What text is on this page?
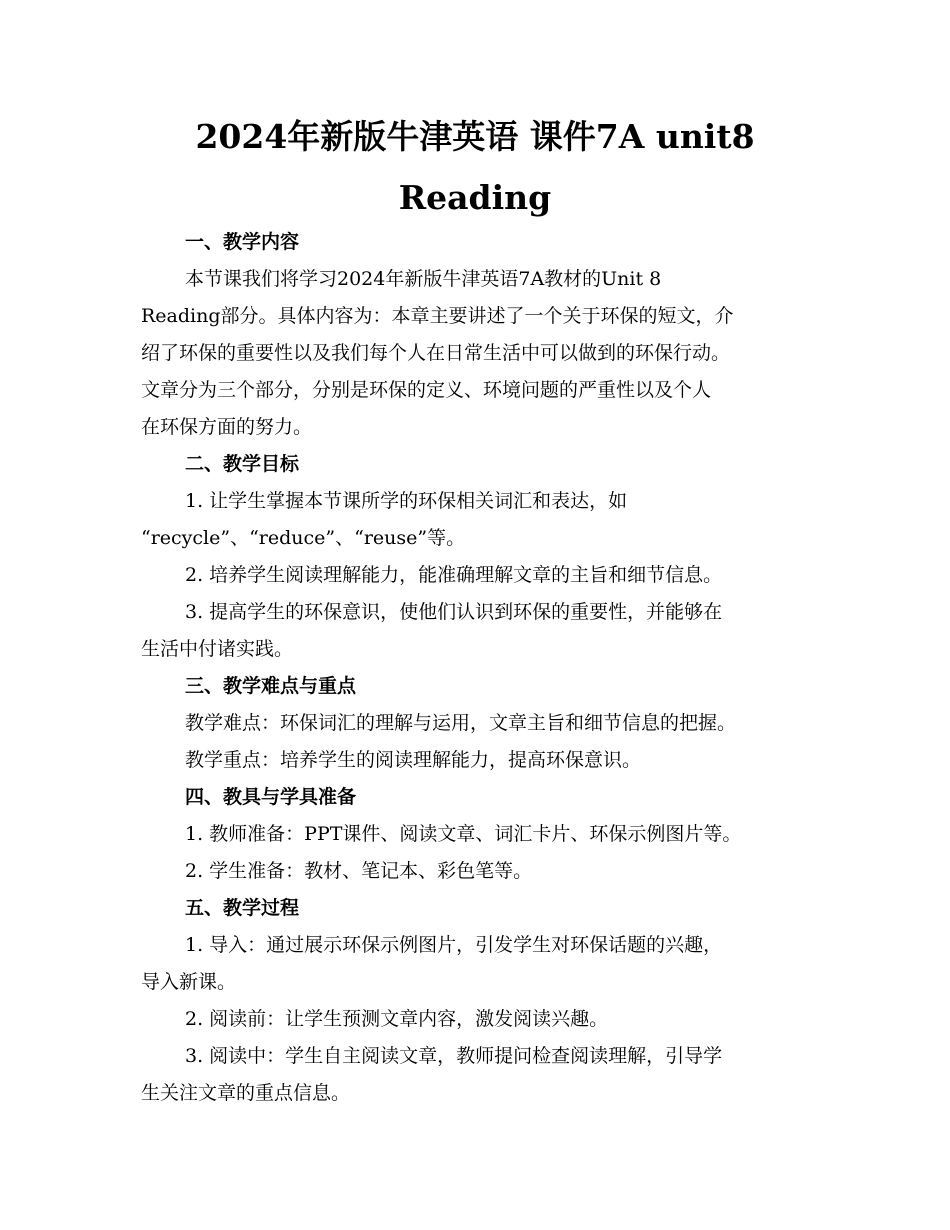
2024年新版牛津英语 课件7A unit8
Reading

一、教学内容

本节课我们将学习2024年新版牛津英语7A教材的Unit 8

Reading部分。具体内容为：本章主要讲述了一个关于环保的短文，介

绍了环保的重要性以及我们每个人在日常生活中可以做到的环保行动。

文章分为三个部分，分别是环保的定义、环境问题的严重性以及个人

在环保方面的努力。

二、教学目标

1. 让学生掌握本节课所学的环保相关词汇和表达，如

“recycle”、“reduce”、“reuse”等。

2. 培养学生阅读理解能力，能准确理解文章的主旨和细节信息。

3. 提高学生的环保意识，使他们认识到环保的重要性，并能够在

生活中付诸实践。

三、教学难点与重点

教学难点：环保词汇的理解与运用，文章主旨和细节信息的把握。

教学重点：培养学生的阅读理解能力，提高环保意识。

四、教具与学具准备

1. 教师准备：PPT课件、阅读文章、词汇卡片、环保示例图片等。

2. 学生准备：教材、笔记本、彩色笔等。

五、教学过程

1. 导入：通过展示环保示例图片，引发学生对环保话题的兴趣，

导入新课。

2. 阅读前：让学生预测文章内容，激发阅读兴趣。

3. 阅读中：学生自主阅读文章，教师提问检查阅读理解，引导学

生关注文章的重点信息。
